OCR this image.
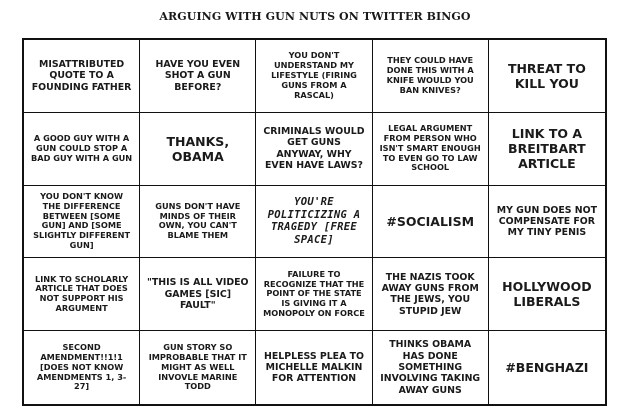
ARGUING WITH GUN NUTS ON TWITTER BINGO
MISATTRIBUTED QUOTE TO A FOUNDING FATHER
HAVE YOU EVEN SHOT A GUN BEFORE?
YOU DON'T UNDERSTAND MY LIFESTYLE (FIRING GUNS FROM A RASCAL)
THEY COULD HAVE DONE THIS WITH A KNIFE WOULD YOU BAN KNIVES?
THREAT TO KILL YOU
A GOOD GUY WITH A GUN COULD STOP A BAD GUY WITH A GUN
THANKS, OBAMA
CRIMINALS WOULD GET GUNS ANYWAY, WHY EVEN HAVE LAWS?
LEGAL ARGUMENT FROM PERSON WHO ISN'T SMART ENOUGH TO EVEN GO TO LAW SCHOOL
LINK TO A BREITBART ARTICLE
YOU DON'T KNOW THE DIFFERENCE BETWEEN [SOME GUN] AND [SOME SLIGHTLY DIFFERENT GUN]
GUNS DON'T HAVE MINDS OF THEIR OWN, YOU CAN'T BLAME THEM
YOU'RE POLITICIZING A TRAGEDY [FREE SPACE]
#SOCIALISM
MY GUN DOES NOT COMPENSATE FOR MY TINY PENIS
LINK TO SCHOLARLY ARTICLE THAT DOES NOT SUPPORT HIS ARGUMENT
"THIS IS ALL VIDEO GAMES [SIC] FAULT"
FAILURE TO RECOGNIZE THAT THE POINT OF THE STATE IS GIVING IT A MONOPOLY ON FORCE
THE NAZIS TOOK AWAY GUNS FROM THE JEWS, YOU STUPID JEW
HOLLYWOOD LIBERALS
SECOND AMENDMENT!!1!1 [DOES NOT KNOW AMENDMENTS 1, 3-27]
GUN STORY SO IMPROBABLE THAT IT MIGHT AS WELL INVOVLE MARINE TODD
HELPLESS PLEA TO MICHELLE MALKIN FOR ATTENTION
THINKS OBAMA HAS DONE SOMETHING INVOLVING TAKING AWAY GUNS
#BENGHAZI
